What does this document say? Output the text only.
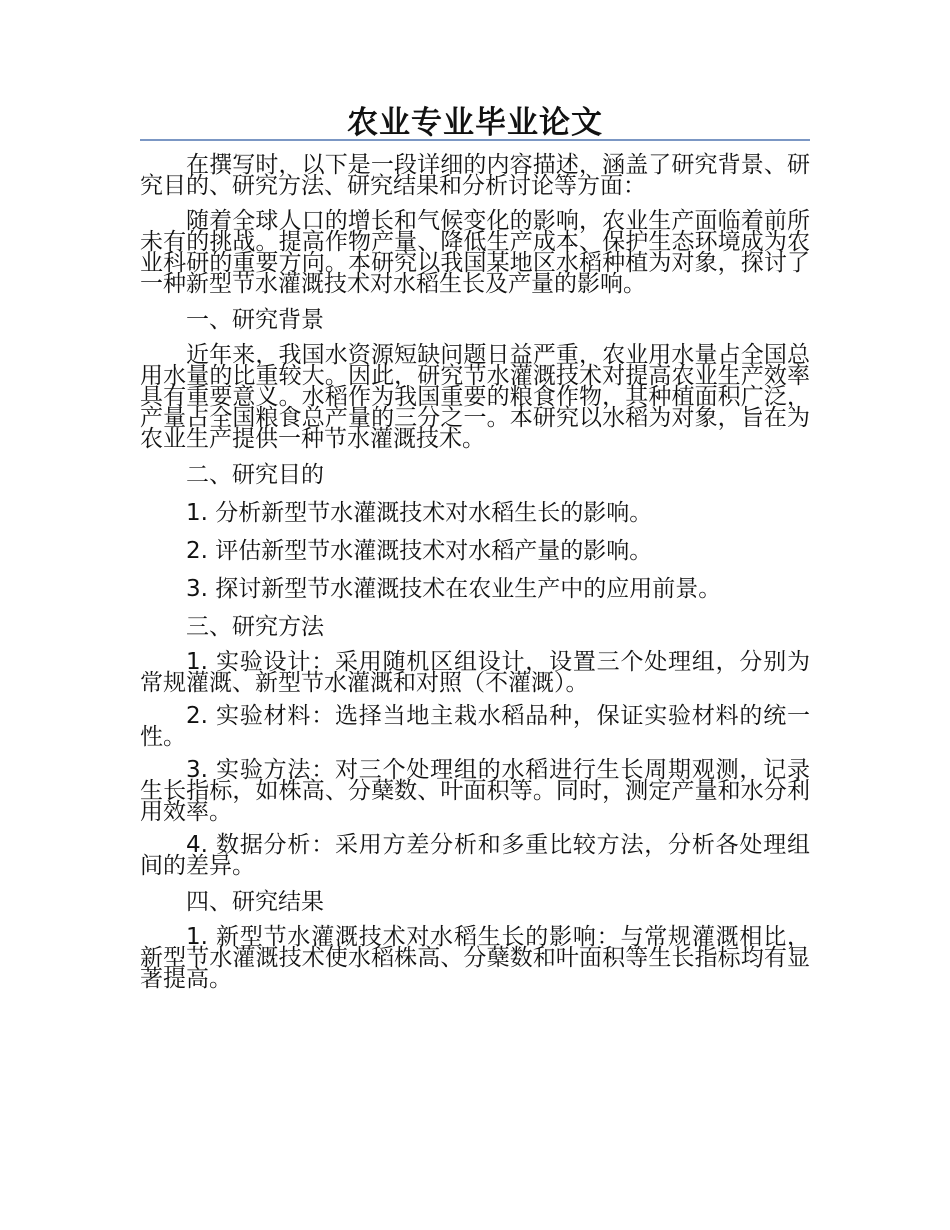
农业专业毕业论文

在撰写时，以下是一段详细的内容描述，涵盖了研究背景、研究目的、研究方法、研究结果和分析讨论等方面：

随着全球人口的增长和气候变化的影响，农业生产面临着前所未有的挑战。提高作物产量、降低生产成本、保护生态环境成为农业科研的重要方向。本研究以我国某地区水稻种植为对象，探讨了一种新型节水灌溉技术对水稻生长及产量的影响。

一、研究背景

近年来，我国水资源短缺问题日益严重，农业用水量占全国总用水量的比重较大。因此，研究节水灌溉技术对提高农业生产效率具有重要意义。水稻作为我国重要的粮食作物，其种植面积广泛，产量占全国粮食总产量的三分之一。本研究以水稻为对象，旨在为农业生产提供一种节水灌溉技术。

二、研究目的

1. 分析新型节水灌溉技术对水稻生长的影响。

2. 评估新型节水灌溉技术对水稻产量的影响。

3. 探讨新型节水灌溉技术在农业生产中的应用前景。

三、研究方法

1. 实验设计：采用随机区组设计，设置三个处理组，分别为常规灌溉、新型节水灌溉和对照（不灌溉）。

2. 实验材料：选择当地主栽水稻品种，保证实验材料的统一性。

3. 实验方法：对三个处理组的水稻进行生长周期观测，记录生长指标，如株高、分蘖数、叶面积等。同时，测定产量和水分利用效率。

4. 数据分析：采用方差分析和多重比较方法，分析各处理组间的差异。

四、研究结果

1. 新型节水灌溉技术对水稻生长的影响：与常规灌溉相比，新型节水灌溉技术使水稻株高、分蘖数和叶面积等生长指标均有显著提高。
